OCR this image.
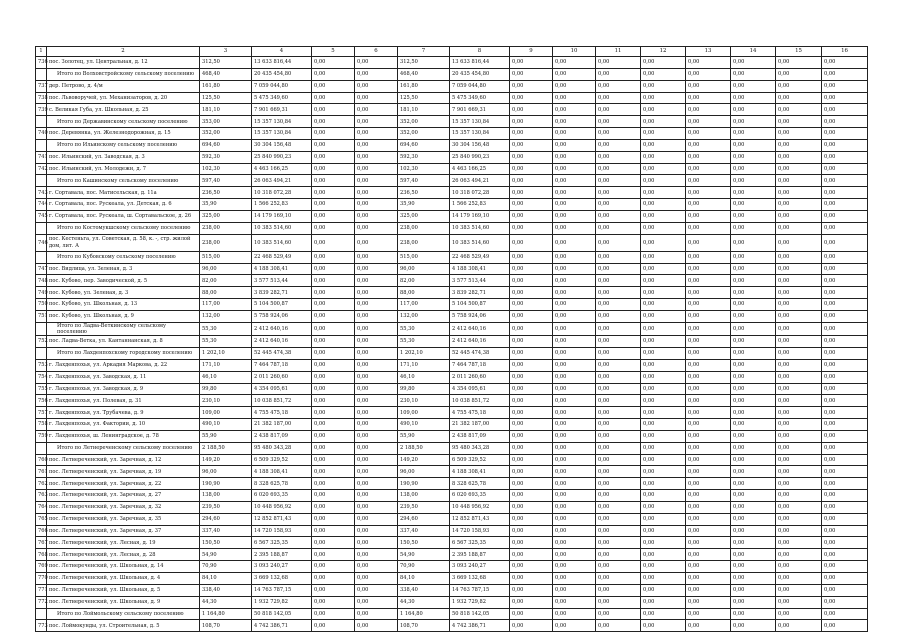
1	2	3	4	5	6	7	8	9	10	11	12	13	14	15	16
736	пос. Золотец, ул. Центральная, д. 12	312,50	13 633 816,44	0,00	0,00	312,50	13 633 816,44	0,00	0,00	0,00	0,00	0,00	0,00	0,00	0,00
	Итого по Волховстройскому сельскому поселению	468,40	20 435 454,80	0,00	0,00	468,40	20 435 454,80	0,00	0,00	0,00	0,00	0,00	0,00	0,00	0,00
737	дер. Петрово, д. 4/м	161,80	7 059 044,80	0,00	0,00	161,80	7 059 044,80	0,00	0,00	0,00	0,00	0,00	0,00	0,00	0,00
738	пос. Львоворучей, ул. Механизаторов, д. 20	125,50	5 475 349,60	0,00	0,00	125,50	5 475 349,60	0,00	0,00	0,00	0,00	0,00	0,00	0,00	0,00
739	с. Великая Губа, ул. Школьная, д. 25	181,10	7 901 669,31	0,00	0,00	181,10	7 901 669,31	0,00	0,00	0,00	0,00	0,00	0,00	0,00	0,00
	Итого по Державинскому сельскому поселению	353,00	15 357 130,84	0,00	0,00	352,00	15 357 130,84	0,00	0,00	0,00	0,00	0,00	0,00	0,00	0,00
740	пос. Деревянка, ул. Железнодорожная, д. 15	352,00	15 357 130,84	0,00	0,00	352,00	15 357 130,84	0,00	0,00	0,00	0,00	0,00	0,00	0,00	0,00
	Итого по Ильинскому сельскому поселению	694,60	30 304 156,48	0,00	0,00	694,60	30 304 156,48	0,00	0,00	0,00	0,00	0,00	0,00	0,00	0,00
741	пос. Ильинский, ул. Заводская, д. 3	592,30	25 840 990,23	0,00	0,00	592,30	25 840 990,23	0,00	0,00	0,00	0,00	0,00	0,00	0,00	0,00
742	пос. Ильинский, ул. Молодежн, д. 7	102,30	4 463 166,25	0,00	0,00	102,30	4 463 166,25	0,00	0,00	0,00	0,00	0,00	0,00	0,00	0,00
	Итого по Кашинскому сельскому поселению	597,40	26 063 494,21	0,00	0,00	597,40	26 063 494,21	0,00	0,00	0,00	0,00	0,00	0,00	0,00	0,00
743	г. Сортавала, пос. Матисельская, д. 11а	236,50	10 318 072,28	0,00	0,00	236,50	10 318 072,28	0,00	0,00	0,00	0,00	0,00	0,00	0,00	0,00
744	г. Сортавала, пос. Рускеала, ул. Детская, д. 6	35,90	1 566 252,83	0,00	0,00	35,90	1 566 252,83	0,00	0,00	0,00	0,00	0,00	0,00	0,00	0,00
745	г. Сортавала, пос. Рускеала, ш. Сортавальское, д. 26	325,00	14 179 169,10	0,00	0,00	325,00	14 179 169,10	0,00	0,00	0,00	0,00	0,00	0,00	0,00	0,00
	Итого по Костомукшскому сельскому поселению	238,00	10 383 514,60	0,00	0,00	238,00	10 383 514,60	0,00	0,00	0,00	0,00	0,00	0,00	0,00	0,00
746	пос. Кестеньга, ул. Советская, д. 58, к. -, стр. жилой дом, лит. А	238,00	10 383 514,60	0,00	0,00	238,00	10 383 514,60	0,00	0,00	0,00	0,00	0,00	0,00	0,00	0,00
	Итого по Кубовскому сельскому поселению	515,00	22 468 529,49	0,00	0,00	515,00	22 468 529,49	0,00	0,00	0,00	0,00	0,00	0,00	0,00	0,00
747	пос. Видлица, ул. Зеленая, д. 3	96,00	4 188 308,41	0,00	0,00	96,00	4 188 308,41	0,00	0,00	0,00	0,00	0,00	0,00	0,00	0,00
748	пос. Кубово, пер. Заводической, д. 5	82,00	3 577 513,44	0,00	0,00	82,00	3 577 513,44	0,00	0,00	0,00	0,00	0,00	0,00	0,00	0,00
749	пос. Кубово, ул. Зеленая, д. 3	88,00	3 839 282,71	0,00	0,00	88,00	3 839 282,71	0,00	0,00	0,00	0,00	0,00	0,00	0,00	0,00
750	пос. Кубово, ул. Школьная, д. 13	117,00	5 104 500,87	0,00	0,00	117,00	5 104 500,87	0,00	0,00	0,00	0,00	0,00	0,00	0,00	0,00
751	пос. Кубово, ул. Школьная, д. 9	132,00	5 758 924,06	0,00	0,00	132,00	5 758 924,06	0,00	0,00	0,00	0,00	0,00	0,00	0,00	0,00
	Итого по Ладва-Веткинскому сельскому поселению	55,30	2 412 640,16	0,00	0,00	55,30	2 412 640,16	0,00	0,00	0,00	0,00	0,00	0,00	0,00	0,00
752	пос. Ладва-Ветка, ул. Кантаннанская, д. 8	55,30	2 412 640,16	0,00	0,00	55,30	2 412 640,16	0,00	0,00	0,00	0,00	0,00	0,00	0,00	0,00
	Итого по Лахденпохскому городскому поселению	1 202,10	52 445 474,38	0,00	0,00	1 202,10	52 445 474,38	0,00	0,00	0,00	0,00	0,00	0,00	0,00	0,00
753	г. Лахденпохья, ул. Аркадия Маркова, д. 22	171,10	7 464 787,18	0,00	0,00	171,10	7 464 787,18	0,00	0,00	0,00	0,00	0,00	0,00	0,00	0,00
754	г. Лахденпохья, ул. Заводская, д. 11	46,10	2 011 260,60	0,00	0,00	46,10	2 011 260,60	0,00	0,00	0,00	0,00	0,00	0,00	0,00	0,00
755	г. Лахденпохья, ул. Заводская, д. 9	99,80	4 354 095,61	0,00	0,00	99,80	4 354 095,61	0,00	0,00	0,00	0,00	0,00	0,00	0,00	0,00
756	г. Лахденпохья, ул. Полевая, д. 31	230,10	10 038 851,72	0,00	0,00	230,10	10 038 851,72	0,00	0,00	0,00	0,00	0,00	0,00	0,00	0,00
757	г. Лахденпохья, ул. Трубачева, д. 9	109,00	4 755 475,18	0,00	0,00	109,00	4 755 475,18	0,00	0,00	0,00	0,00	0,00	0,00	0,00	0,00
758	г. Лахденпохья, ул. Фактории, д. 10	490,10	21 382 187,00	0,00	0,00	490,10	21 382 187,00	0,00	0,00	0,00	0,00	0,00	0,00	0,00	0,00
759	г. Лахденпохья, ш. Ленинградское, д. 78	55,90	2 438 817,09	0,00	0,00	55,90	2 438 817,09	0,00	0,00	0,00	0,00	0,00	0,00	0,00	0,00
	Итого по Летнереченскому сельскому поселению	2 188,50	95 480 343,28	0,00	0,00	2 188,50	95 480 343,28	0,00	0,00	0,00	0,00	0,00	0,00	0,00	0,00
760	пос. Летнереченский, ул. Заречная, д. 12	149,20	6 509 329,52	0,00	0,00	149,20	6 509 329,52	0,00	0,00	0,00	0,00	0,00	0,00	0,00	0,00
761	пос. Летнереченский, ул. Заречная, д. 19	96,00	4 188 308,41	0,00	0,00	96,00	4 188 308,41	0,00	0,00	0,00	0,00	0,00	0,00	0,00	0,00
762	пос. Летнереченский, ул. Заречная, д. 22	190,90	8 328 625,78	0,00	0,00	190,90	8 328 625,78	0,00	0,00	0,00	0,00	0,00	0,00	0,00	0,00
763	пос. Летнереченский, ул. Заречная, д. 27	138,00	6 020 693,35	0,00	0,00	138,00	6 020 693,35	0,00	0,00	0,00	0,00	0,00	0,00	0,00	0,00
764	пос. Летнереченский, ул. Заречная, д. 32	239,50	10 448 956,92	0,00	0,00	239,50	10 448 956,92	0,00	0,00	0,00	0,00	0,00	0,00	0,00	0,00
765	пос. Летнереченский, ул. Заречная, д. 35	294,60	12 852 871,43	0,00	0,00	294,60	12 852 871,43	0,00	0,00	0,00	0,00	0,00	0,00	0,00	0,00
766	пос. Летнереченский, ул. Заречная, д. 37	337,40	14 720 158,93	0,00	0,00	337,40	14 720 158,93	0,00	0,00	0,00	0,00	0,00	0,00	0,00	0,00
767	пос. Летнереченский, ул. Лесная, д. 19	150,50	6 567 325,35	0,00	0,00	150,50	6 567 325,35	0,00	0,00	0,00	0,00	0,00	0,00	0,00	0,00
768	пос. Летнереченский, ул. Лесная, д. 28	54,90	2 395 188,87	0,00	0,00	54,90	2 395 188,87	0,00	0,00	0,00	0,00	0,00	0,00	0,00	0,00
769	пос. Летнереченский, ул. Школьная, д. 14	70,90	3 093 240,27	0,00	0,00	70,90	3 093 240,27	0,00	0,00	0,00	0,00	0,00	0,00	0,00	0,00
770	пос. Летнереченский, ул. Школьная, д. 4	84,10	3 669 132,68	0,00	0,00	84,10	3 669 132,68	0,00	0,00	0,00	0,00	0,00	0,00	0,00	0,00
771	пос. Летнереченский, ул. Школьная, д. 5	338,40	14 763 787,15	0,00	0,00	338,40	14 763 787,15	0,00	0,00	0,00	0,00	0,00	0,00	0,00	0,00
772	пос. Летнереченский, ул. Школьная, д. 9	44,30	1 932 729,82	0,00	0,00	44,30	1 932 729,82	0,00	0,00	0,00	0,00	0,00	0,00	0,00	0,00
	Итого по Лоймольскому сельскому поселению	1 164,80	50 818 142,05	0,00	0,00	1 164,80	50 818 142,05	0,00	0,00	0,00	0,00	0,00	0,00	0,00	0,00
773	пос. Лоймокунды, ул. Строительная, д. 5	108,70	4 742 386,71	0,00	0,00	108,70	4 742 386,71	0,00	0,00	0,00	0,00	0,00	0,00	0,00	0,00
